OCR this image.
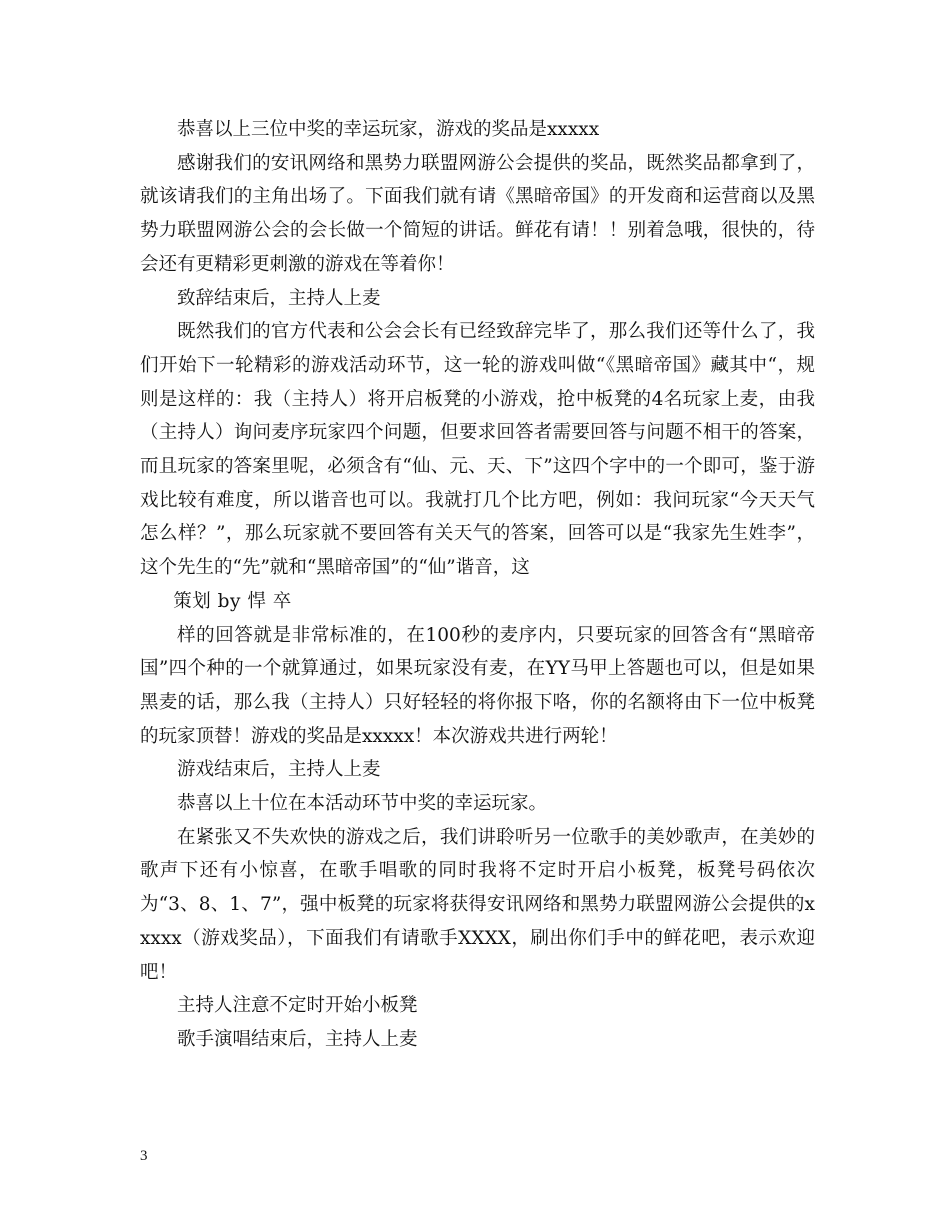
恭喜以上三位中奖的幸运玩家，游戏的奖品是xxxxx

感谢我们的安讯网络和黑势力联盟网游公会提供的奖品，既然奖品都拿到了，就该请我们的主角出场了。下面我们就有请《黑暗帝国》的开发商和运营商以及黑势力联盟网游公会的会长做一个简短的讲话。鲜花有请！！别着急哦，很快的，待会还有更精彩更刺激的游戏在等着你！

致辞结束后，主持人上麦

既然我们的官方代表和公会会长有已经致辞完毕了，那么我们还等什么了，我们开始下一轮精彩的游戏活动环节，这一轮的游戏叫做“《黑暗帝国》藏其中“，规则是这样的：我（主持人）将开启板凳的小游戏，抢中板凳的4名玩家上麦，由我（主持人）询问麦序玩家四个问题，但要求回答者需要回答与问题不相干的答案，而且玩家的答案里呢，必须含有“仙、元、天、下”这四个字中的一个即可，鉴于游戏比较有难度，所以谐音也可以。我就打几个比方吧，例如：我问玩家“今天天气怎么样？”，那么玩家就不要回答有关天气的答案，回答可以是“我家先生姓李”，这个先生的“先”就和“黑暗帝国”的“仙”谐音，这

策划 by 悍 卒

样的回答就是非常标准的，在100秒的麦序内，只要玩家的回答含有“黑暗帝国”四个种的一个就算通过，如果玩家没有麦，在YY马甲上答题也可以，但是如果黑麦的话，那么我（主持人）只好轻轻的将你报下咯，你的名额将由下一位中板凳的玩家顶替！游戏的奖品是xxxxx！本次游戏共进行两轮！

游戏结束后，主持人上麦

恭喜以上十位在本活动环节中奖的幸运玩家。

在紧张又不失欢快的游戏之后，我们讲聆听另一位歌手的美妙歌声，在美妙的歌声下还有小惊喜，在歌手唱歌的同时我将不定时开启小板凳，板凳号码依次为“3、8、1、7”，强中板凳的玩家将获得安讯网络和黑势力联盟网游公会提供的xxxxx（游戏奖品），下面我们有请歌手XXXX，刷出你们手中的鲜花吧，表示欢迎吧！

主持人注意不定时开始小板凳

歌手演唱结束后，主持人上麦

3
